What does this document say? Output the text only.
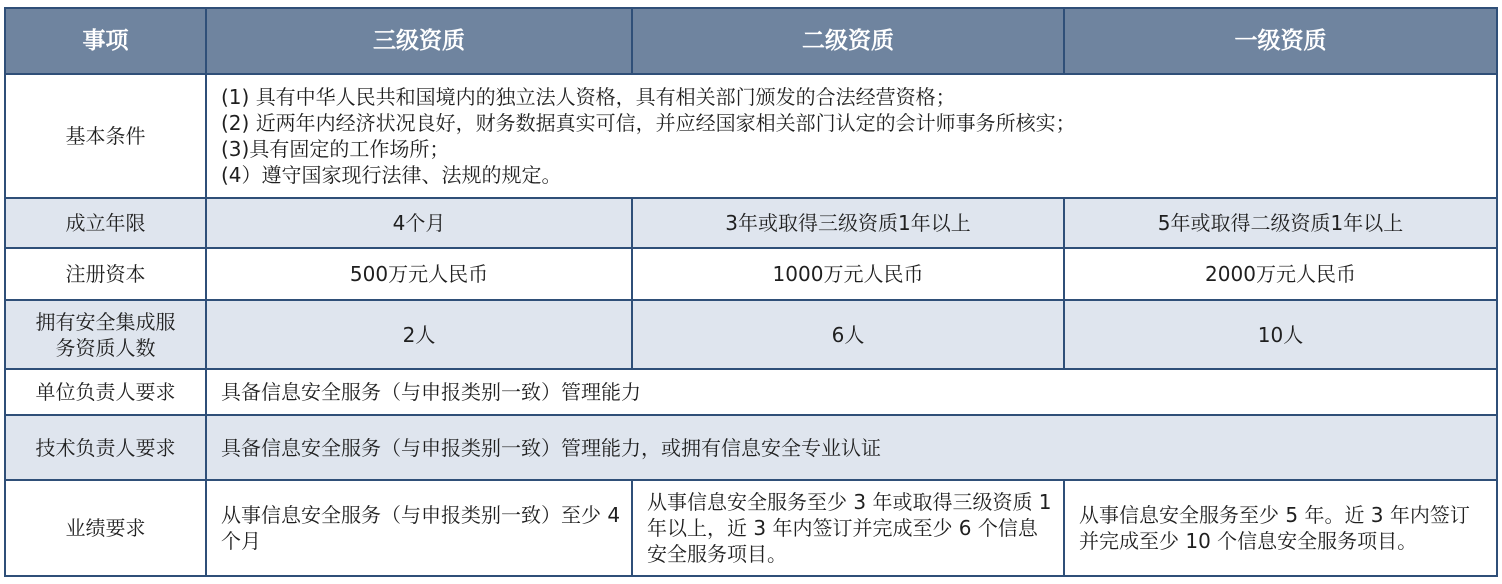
事项	三级资质	二级资质	一级资质
基本条件	(1) 具有中华人民共和国境内的独立法人资格，具有相关部门颁发的合法经营资格；
(2) 近两年内经济状况良好，财务数据真实可信，并应经国家相关部门认定的会计师事务所核实；
(3)具有固定的工作场所；
(4）遵守国家现行法律、法规的规定。		

成立年限	4个月	3年或取得三级资质1年以上	5年或取得二级资质1年以上
注册资本	500万元人民币	1000万元人民币	2000万元人民币

拥有安全集成服
务资质人数	2人	6人	10人
单位负责人要求	具备信息安全服务（与申报类别一致）管理能力		
技术负责人要求	具备信息安全服务（与申报类别一致）管理能力，或拥有信息安全专业认证		
业绩要求	从事信息安全服务（与申报类别一致）至少 4个月	从事信息安全服务至少 3 年或取得三级资质 1 年以上，近 3 年内签订并完成至少 6 个信息安全服务项目。	从事信息安全服务至少 5 年。近 3 年内签订并完成至少 10 个信息安全服务项目。
